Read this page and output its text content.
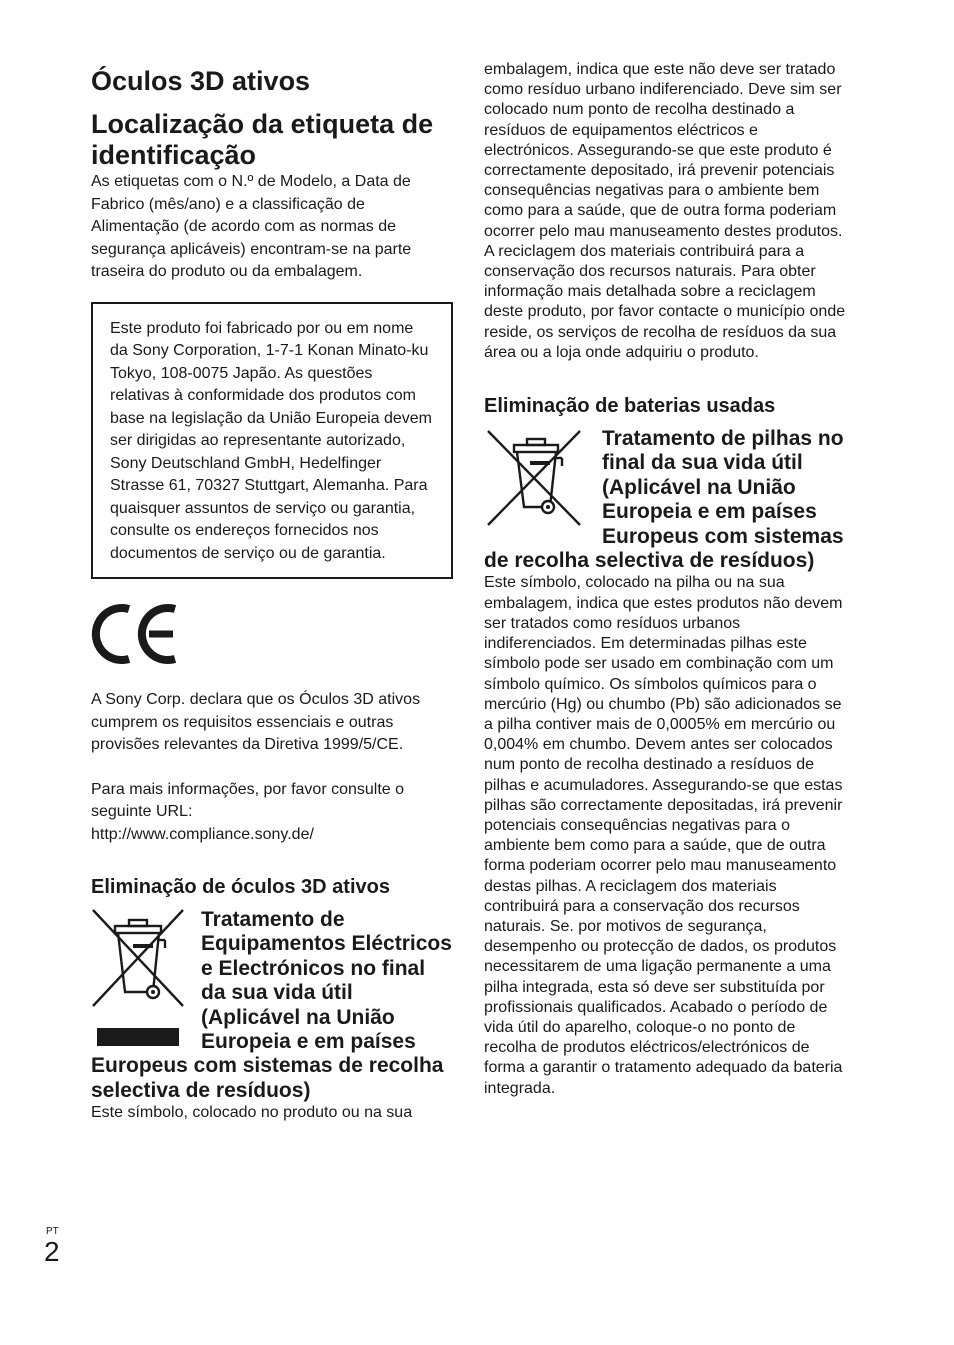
Óculos 3D ativos
Localização da etiqueta de identificação

As etiquetas com o N.º de Modelo, a Data de Fabrico (mês/ano) e a classificação de Alimentação (de acordo com as normas de segurança aplicáveis) encontram-se na parte traseira do produto ou da embalagem.

Este produto foi fabricado por ou em nome da Sony Corporation, 1-7-1 Konan Minato-ku Tokyo, 108-0075 Japão. As questões relativas à conformidade dos produtos com base na legislação da União Europeia devem ser dirigidas ao representante autorizado, Sony Deutschland GmbH, Hedelfinger Strasse 61, 70327 Stuttgart, Alemanha. Para quaisquer assuntos de serviço ou garantia, consulte os endereços fornecidos nos documentos de serviço ou de garantia.

A Sony Corp. declara que os Óculos 3D ativos cumprem os requisitos essenciais e outras provisões relevantes da Diretiva 1999/5/CE.

Para mais informações, por favor consulte o seguinte URL:

http://www.compliance.sony.de/

Eliminação de óculos 3D ativos

Tratamento de Equipamentos Eléctricos e Electrónicos no final da sua vida útil (Aplicável na União Europeia e em países Europeus com sistemas de recolha selectiva de resíduos)

Este símbolo, colocado no produto ou na sua

embalagem, indica que este não deve ser tratado como resíduo urbano indiferenciado. Deve sim ser colocado num ponto de recolha destinado a resíduos de equipamentos eléctricos e electrónicos. Assegurando-se que este produto é correctamente depositado, irá prevenir potenciais consequências negativas para o ambiente bem como para a saúde, que de outra forma poderiam ocorrer pelo mau manuseamento destes produtos. A reciclagem dos materiais contribuirá para a conservação dos recursos naturais. Para obter informação mais detalhada sobre a reciclagem deste produto, por favor contacte o município onde reside, os serviços de recolha de resíduos da sua área ou a loja onde adquiriu o produto.

Eliminação de baterias usadas

Tratamento de pilhas no final da sua vida útil (Aplicável na União Europeia e em países Europeus com sistemas de recolha selectiva de resíduos)

Este símbolo, colocado na pilha ou na sua embalagem, indica que estes produtos não devem ser tratados como resíduos urbanos indiferenciados. Em determinadas pilhas este símbolo pode ser usado em combinação com um símbolo químico. Os símbolos químicos para o mercúrio (Hg) ou chumbo (Pb) são adicionados se a pilha contiver mais de 0,0005% em mercúrio ou 0,004% em chumbo. Devem antes ser colocados num ponto de recolha destinado a resíduos de pilhas e acumuladores. Assegurando-se que estas pilhas são correctamente depositadas, irá prevenir potenciais consequências negativas para o ambiente bem como para a saúde, que de outra forma poderiam ocorrer pelo mau manuseamento destas pilhas. A reciclagem dos materiais contribuirá para a conservação dos recursos naturais. Se. por motivos de segurança, desempenho ou protecção de dados, os produtos necessitarem de uma ligação permanente a uma pilha integrada, esta só deve ser substituída por profissionais qualificados. Acabado o período de vida útil do aparelho, coloque-o no ponto de recolha de produtos eléctricos/electrónicos de forma a garantir o tratamento adequado da bateria integrada.

PT
2
